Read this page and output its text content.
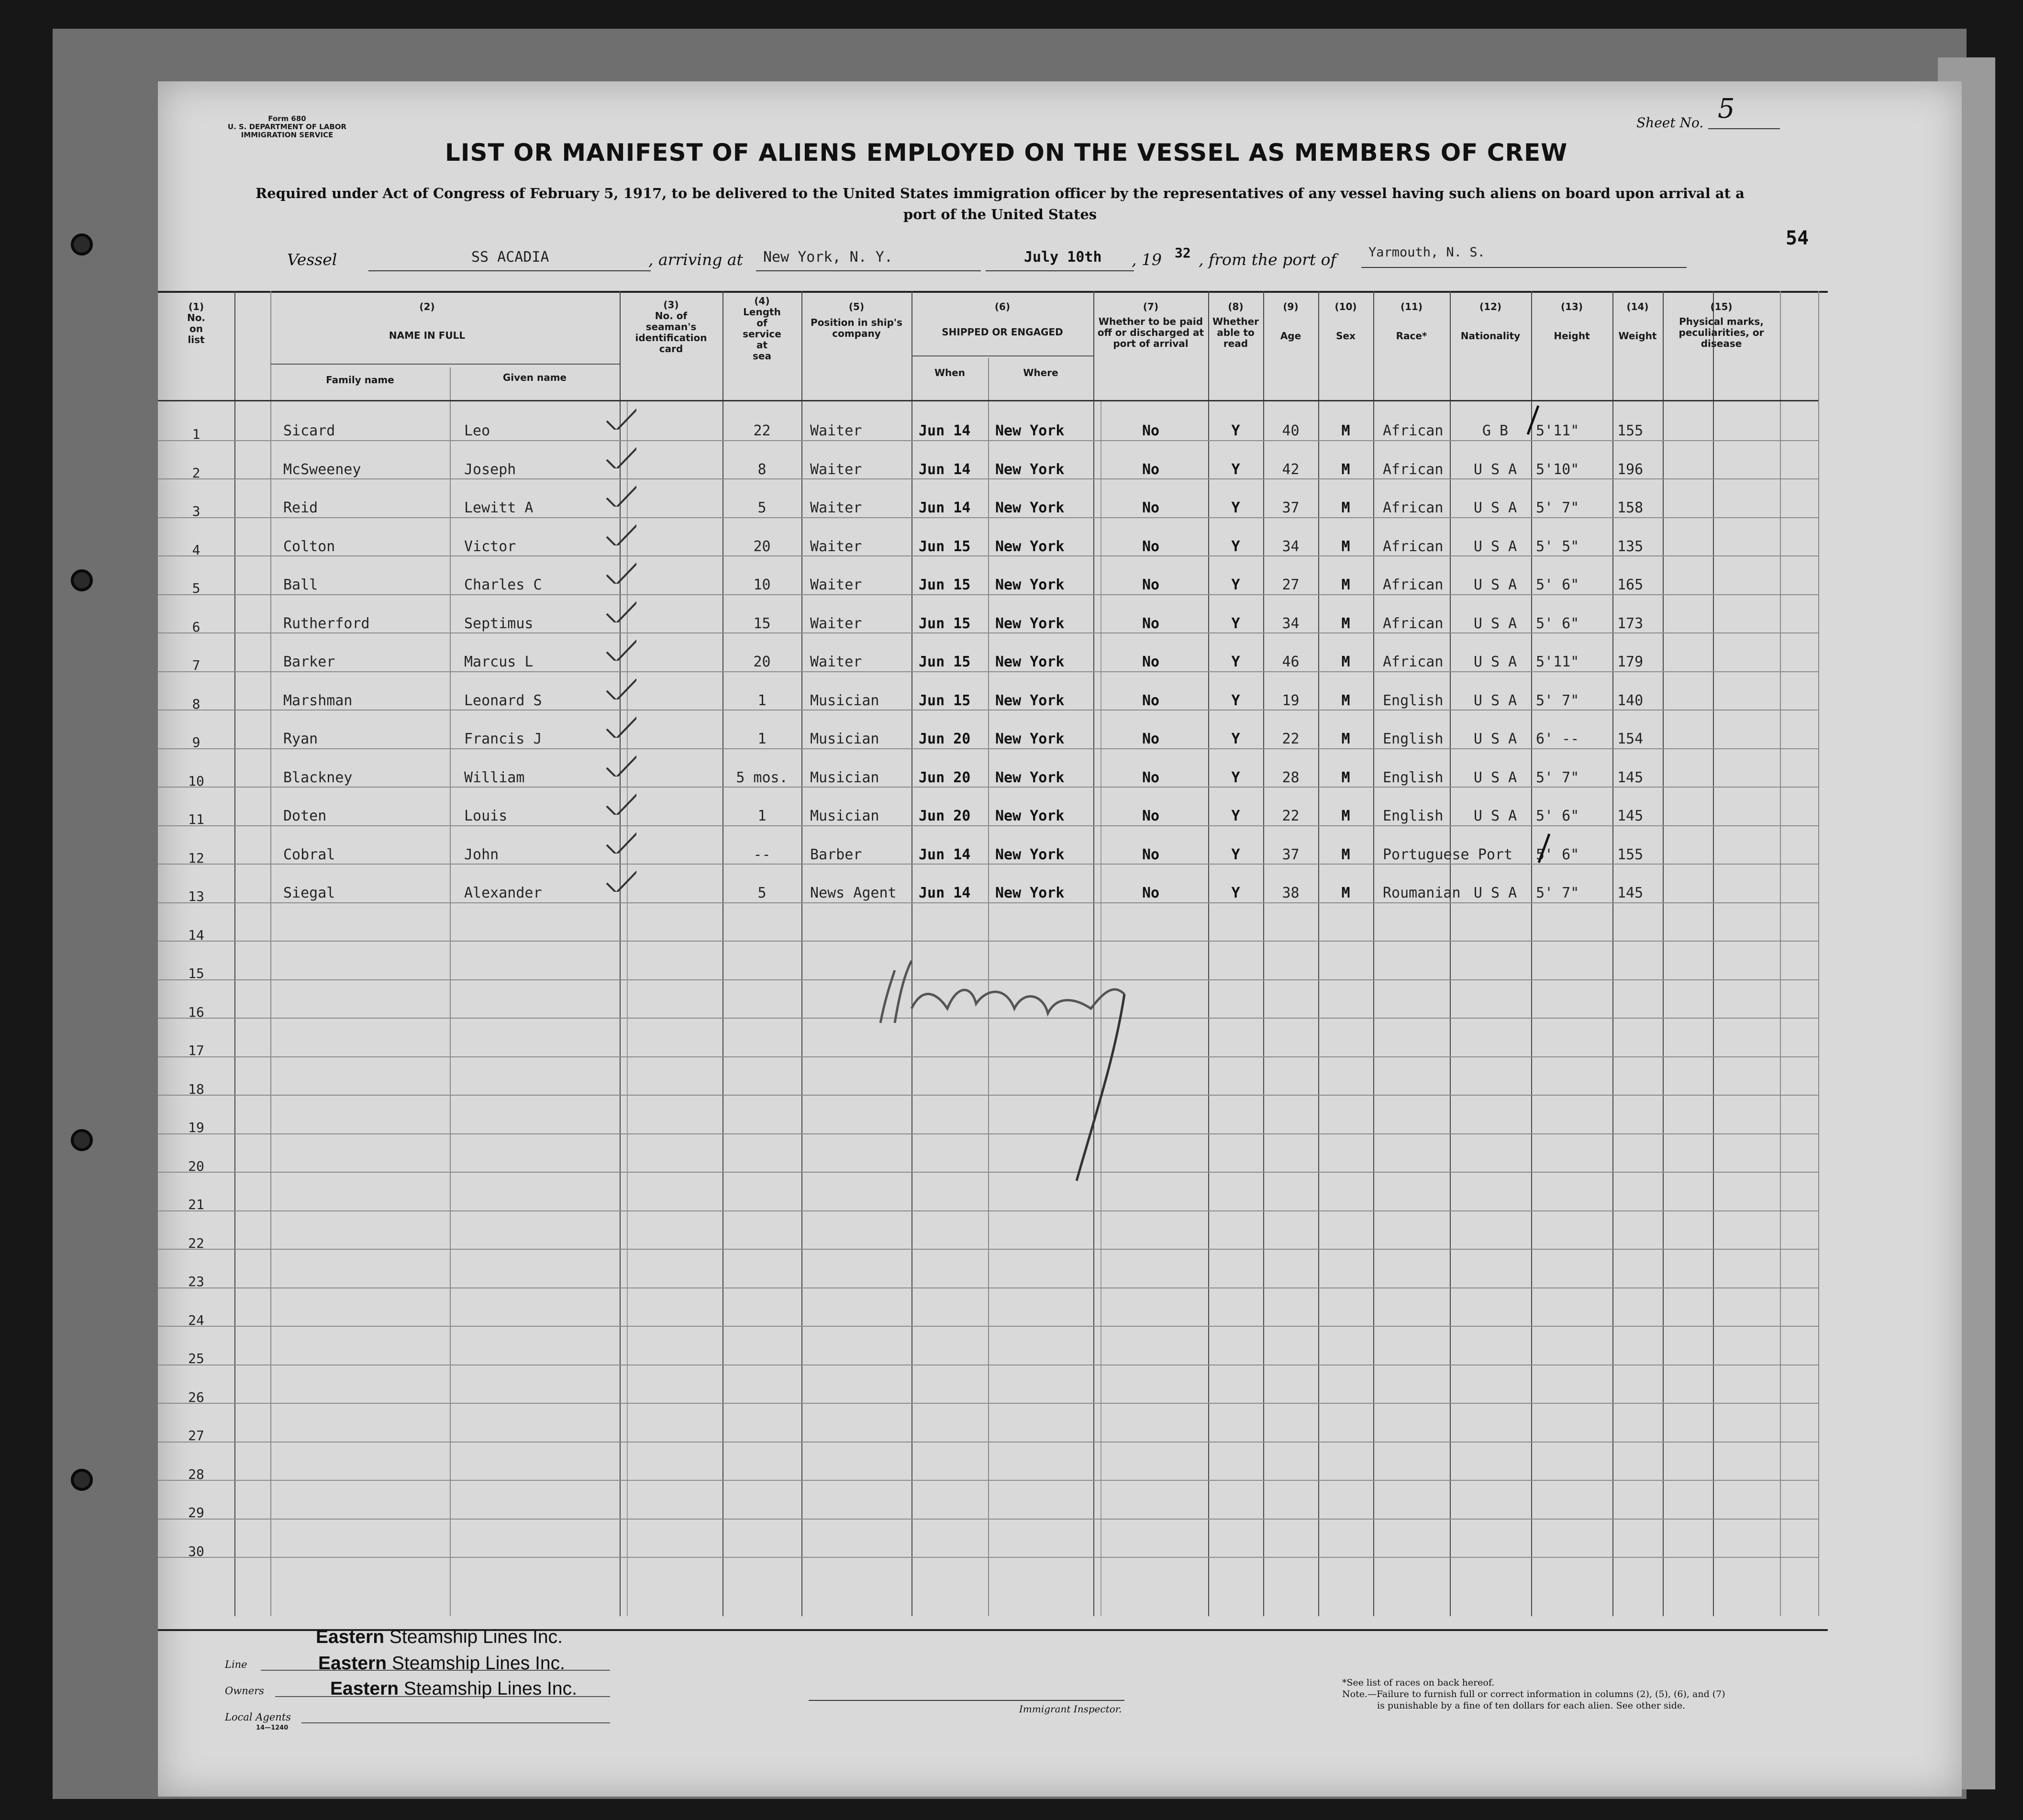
Form 680
U. S. DEPARTMENT OF LABOR
IMMIGRATION SERVICE
Sheet No. 5
54
LIST OR MANIFEST OF ALIENS EMPLOYED ON THE VESSEL AS MEMBERS OF CREW
Required under Act of Congress of February 5, 1917, to be delivered to the United States immigration officer by the representatives of any vessel having such aliens on board upon arrival at a
port of the United States
Vessel	SS ACADIA	, arriving at New York, N. Y.	July 10th , 19 32 , from the port of Yarmouth, N. S.
(1)
No.
on
list
(2)
NAME IN FULL
Family name	Given name
(3)
No. of
seaman's
identification
card
(4)
Length
of
service
at
sea
(5)
Position in ship's
company
(6)
SHIPPED OR ENGAGED
When	Where
(7)
Whether to be paid
off or discharged at
port of arrival
(8)
Whether
able to
read
(9)
Age
(10)
Sex
(11)
Race*
(12)
Nationality
(13)
Height
(14)
Weight
(15)
Physical marks,
peculiarities, or
disease
1	Sicard	Leo	22	Waiter	Jun 14 New York	No	Y	40	M	African	G B	5'11"	155
2	McSweeney	Joseph	8	Waiter	Jun 14 New York	No	Y	42	M	African	U S A	5'10"	196
3	Reid	Lewitt A	5	Waiter	Jun 14 New York	No	Y	37	M	African	U S A	5' 7"	158
4	Colton	Victor	20	Waiter	Jun 15 New York	No	Y	34	M	African	U S A	5' 5"	135
5	Ball	Charles C	10	Waiter	Jun 15 New York	No	Y	27	M	African	U S A	5' 6"	165
6	Rutherford	Septimus	15	Waiter	Jun 15 New York	No	Y	34	M	African	U S A	5' 6"	173
7	Barker	Marcus L	20	Waiter	Jun 15 New York	No	Y	46	M	African	U S A	5'11"	179
8	Marshman	Leonard S	1	Musician	Jun 15 New York	No	Y	19	M	English	U S A	5' 7"	140
9	Ryan	Francis J	1	Musician	Jun 20 New York	No	Y	22	M	English	U S A	6' --	154
10	Blackney	William	5 mos.	Musician	Jun 20 New York	No	Y	28	M	English	U S A	5' 7"	145
11	Doten	Louis	1	Musician	Jun 20 New York	No	Y	22	M	English	U S A	5' 6"	145
12	Cobral	John	--	Barber	Jun 14 New York	No	Y	37	M	Portuguese Port	5' 6"	155
13	Siegal	Alexander	5	News Agent Jun 14 New York	No	Y	38	M	Roumanian U S A	5' 7"	145
14
15
16
17
18
19
20
21
22
23
24
25
26
27
28
29
30
Eastern Steamship Lines Inc.
Line	Eastern Steamship Lines Inc.
Owners	Eastern Steamship Lines Inc.
Local Agents
14—1240
Immigrant Inspector.
*See list of races on back hereof.
Note.—Failure to furnish full or correct information in columns (2), (5), (6), and (7)
is punishable by a fine of ten dollars for each alien. See other side.
